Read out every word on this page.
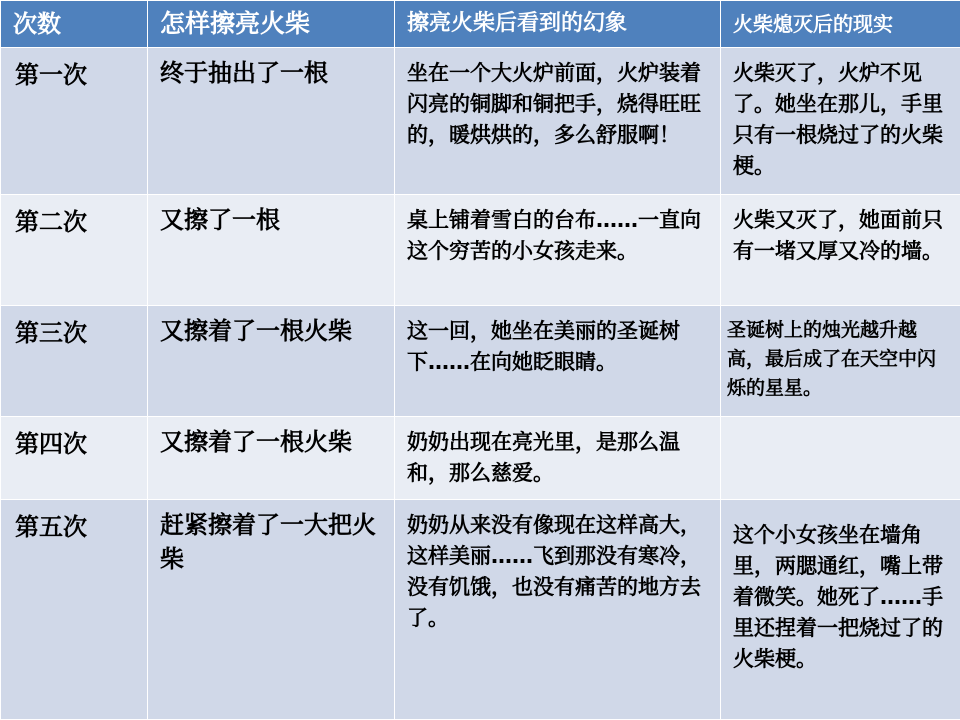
次数	怎样擦亮火柴	擦亮火柴后看到的幻象	火柴熄灭后的现实
第一次	终于抽出了一根	坐在一个大火炉前面，火炉装着闪亮的铜脚和铜把手，烧得旺旺的，暖烘烘的，多么舒服啊！	火柴灭了，火炉不见了。她坐在那儿，手里只有一根烧过了的火柴梗。
第二次	又擦了一根	桌上铺着雪白的台布……一直向这个穷苦的小女孩走来。	火柴又灭了，她面前只有一堵又厚又冷的墙。
第三次	又擦着了一根火柴	这一回，她坐在美丽的圣诞树下……在向她眨眼睛。	圣诞树上的烛光越升越高，最后成了在天空中闪烁的星星。
第四次	又擦着了一根火柴	奶奶出现在亮光里，是那么温和，那么慈爱。	
第五次	赶紧擦着了一大把火柴	奶奶从来没有像现在这样高大，这样美丽……飞到那没有寒冷，没有饥饿，也没有痛苦的地方去了。	这个小女孩坐在墙角里，两腮通红，嘴上带着微笑。她死了……手里还捏着一把烧过了的火柴梗。
